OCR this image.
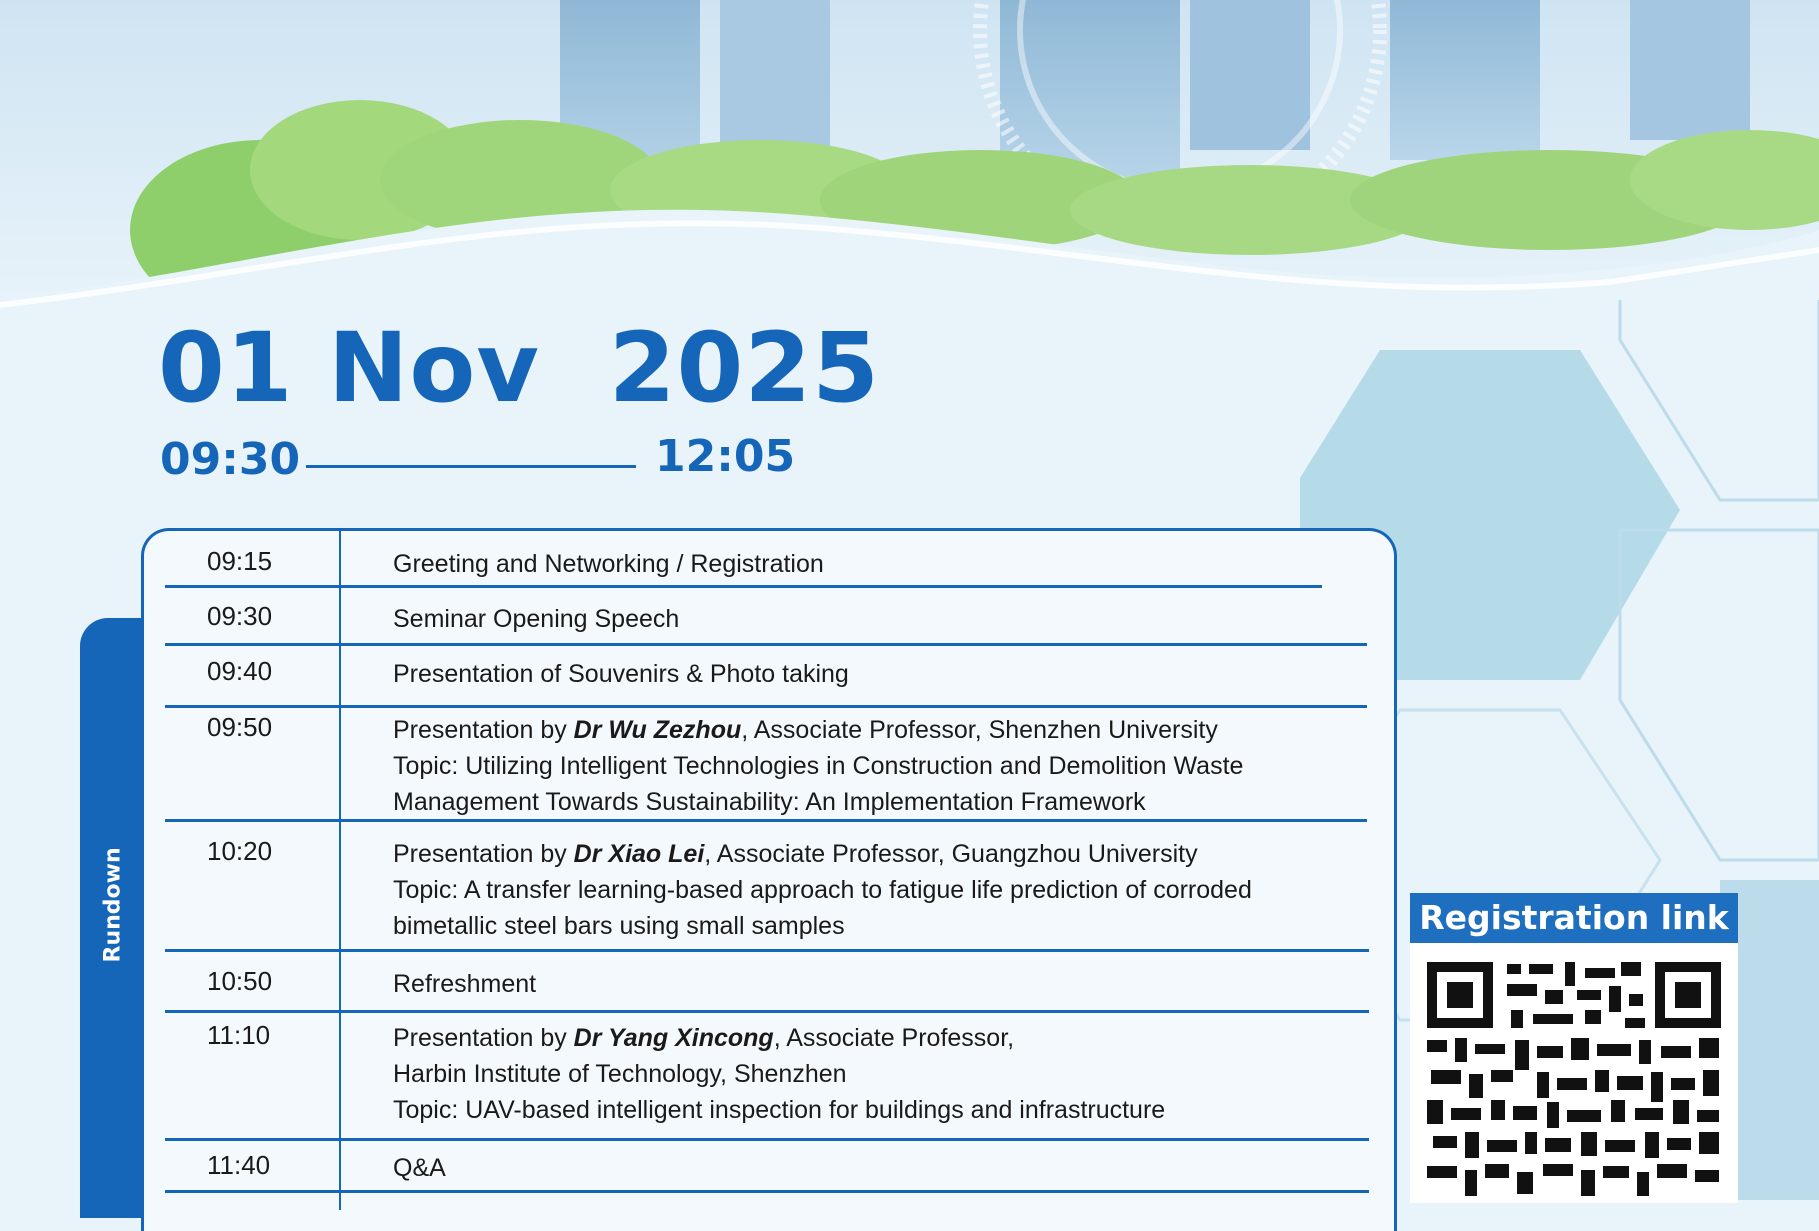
01 Nov  2025
09:30	12:05
Rundown
09:15	Greeting and Networking / Registration
09:30	Seminar Opening Speech
09:40	Presentation of Souvenirs & Photo taking
09:50	Presentation by Dr Wu Zezhou, Associate Professor, Shenzhen University
Topic: Utilizing Intelligent Technologies in Construction and Demolition Waste
Management Towards Sustainability: An Implementation Framework
10:20	Presentation by Dr Xiao Lei, Associate Professor, Guangzhou University
Topic: A transfer learning-based approach to fatigue life prediction of corroded
bimetallic steel bars using small samples
10:50	Refreshment
11:10	Presentation by Dr Yang Xincong, Associate Professor,
Harbin Institute of Technology, Shenzhen
Topic: UAV-based intelligent inspection for buildings and infrastructure
11:40	Q&A
Registration link
